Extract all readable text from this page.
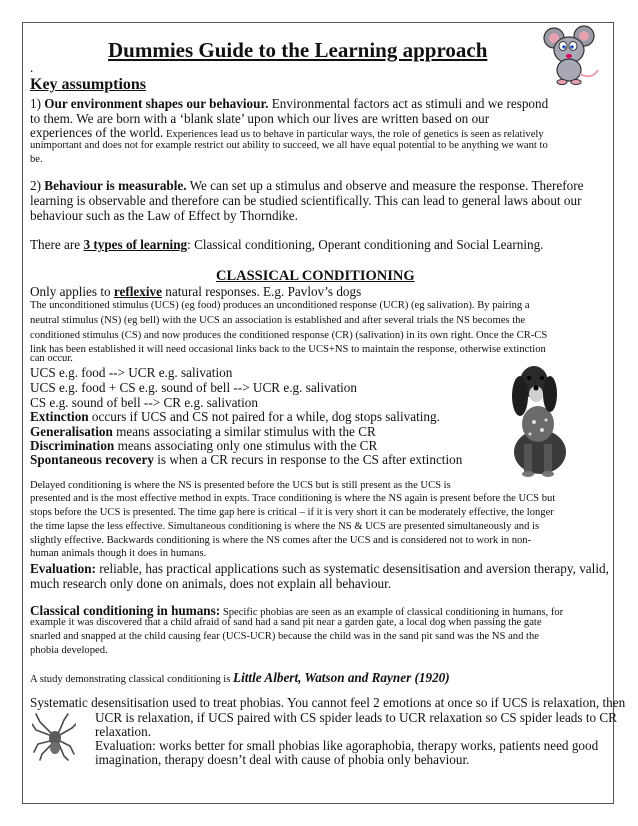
Dummies Guide to the Learning approach
.
Key assumptions
1) Our environment shapes our behaviour. Environmental factors act as stimuli and we respond
to them. We are born with a ‘blank slate’ upon which our lives are written based on our
experiences of the world. Experiences lead us to behave in particular ways, the role of genetics is seen as relatively
unimportant and does not for example restrict out ability to succeed, we all have equal potential to be anything we want to
be.
2) Behaviour is measurable. We can set up a stimulus and observe and measure the response. Therefore
learning is observable and therefore can be studied scientifically. This can lead to general laws about our
behaviour such as the Law of Effect by Thorndike.
There are 3 types of learning: Classical conditioning, Operant conditioning and Social Learning.
CLASSICAL CONDITIONING
Only applies to reflexive natural responses. E.g. Pavlov’s dogs
The unconditioned stimulus (UCS) (eg food) produces an unconditioned response (UCR) (eg salivation). By pairing a
neutral stimulus (NS) (eg bell) with the UCS an association is established and after several trials the NS becomes the
conditioned stimulus (CS) and now produces the conditioned response (CR) (salivation) in its own right. Once the CR-CS
link has been established it will need occasional links back to the UCS+NS to maintain the response, otherwise extinction
can occur.
UCS e.g. food --> UCR e.g. salivation
UCS e.g. food + CS e.g. sound of bell --> UCR e.g. salivation
CS e.g. sound of bell --> CR e.g. salivation
Extinction occurs if UCS and CS not paired for a while, dog stops salivating.
Generalisation means associating a similar stimulus with the CR
Discrimination means associating only one stimulus with the CR
Spontaneous recovery is when a CR recurs in response to the CS after extinction
Delayed conditioning is where the NS is presented before the UCS but is still present as the UCS is
presented and is the most effective method in expts. Trace conditioning is where the NS again is present before the UCS but
stops before the UCS is presented. The time gap here is critical – if it is very short it can be moderately effective, the longer
the time lapse the less effective. Simultaneous conditioning is where the NS & UCS are presented simultaneously and is
slightly effective. Backwards conditioning is where the NS comes after the UCS and is considered not to work in non-
human animals though it does in humans.
Evaluation: reliable, has practical applications such as systematic desensitisation and aversion therapy, valid,
much research only done on animals, does not explain all behaviour.
Classical conditioning in humans: Specific phobias are seen as an example of classical conditioning in humans, for
example it was discovered that a child afraid of sand had a sand pit near a garden gate, a local dog when passing the gate
snarled and snapped at the child causing fear (UCS-UCR) because the child was in the sand pit sand was the NS and the
phobia developed.
A study demonstrating classical conditioning is Little Albert, Watson and Rayner (1920)
Systematic desensitisation used to treat phobias. You cannot feel 2 emotions at once so if UCS is relaxation, then
UCR is relaxation, if UCS paired with CS spider leads to UCR relaxation so CS spider leads to CR
relaxation.
Evaluation: works better for small phobias like agoraphobia, therapy works, patients need good
imagination, therapy doesn’t deal with cause of phobia only behaviour.
